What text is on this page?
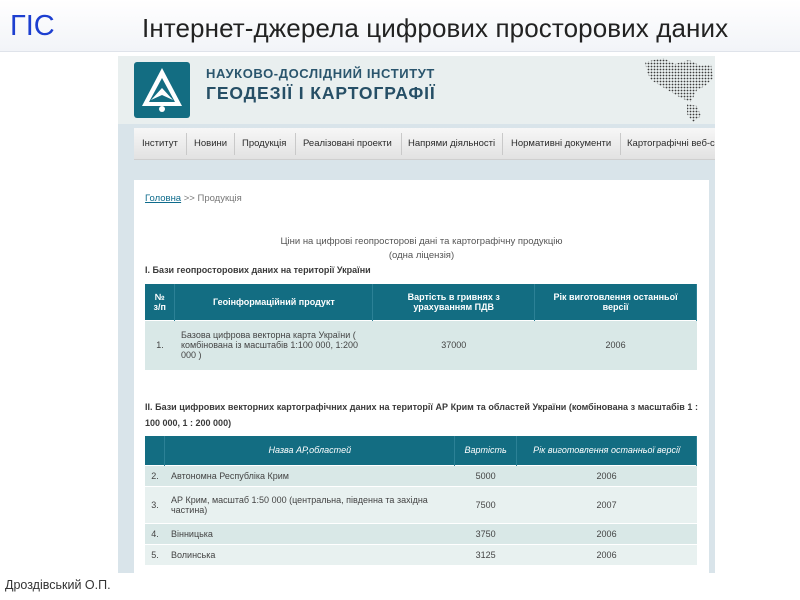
ГІС	Інтернет-джерела цифрових просторових даних
НАУКОВО-ДОСЛІДНИЙ ІНСТИТУТ
ГЕОДЕЗІЇ І КАРТОГРАФІЇ
Інститут Новини Продукція Реалізовані проекти Напрями діяльності Нормативні документи Картографічні веб-с
Головна >> Продукція
Ціни на цифрові геопросторові дані та картографічну продукцію
(одна ліцензія)
I. Бази геопросторових даних на території України
№ з/п	Геоінформаційний продукт	Вартість в гривнях з урахуванням ПДВ	Рік виготовлення останньої версії
1.	Базова цифрова векторна карта України ( комбінована із масштабів 1:100 000, 1:200 000 )	37000	2006
II. Бази цифрових векторних картографічних даних на території АР Крим та областей України (комбінована з масштабів 1 : 100 000, 1 : 200 000)
	Назва АР,областей	Вартість	Рік виготовлення останньої версії
2.	Автономна Республіка Крим	5000	2006
3.	АР Крим, масштаб 1:50 000 (центральна, південна та західна частина)	7500	2007
4.	Вінницька	3750	2006
5.	Волинська	3125	2006
Дроздівський О.П.
